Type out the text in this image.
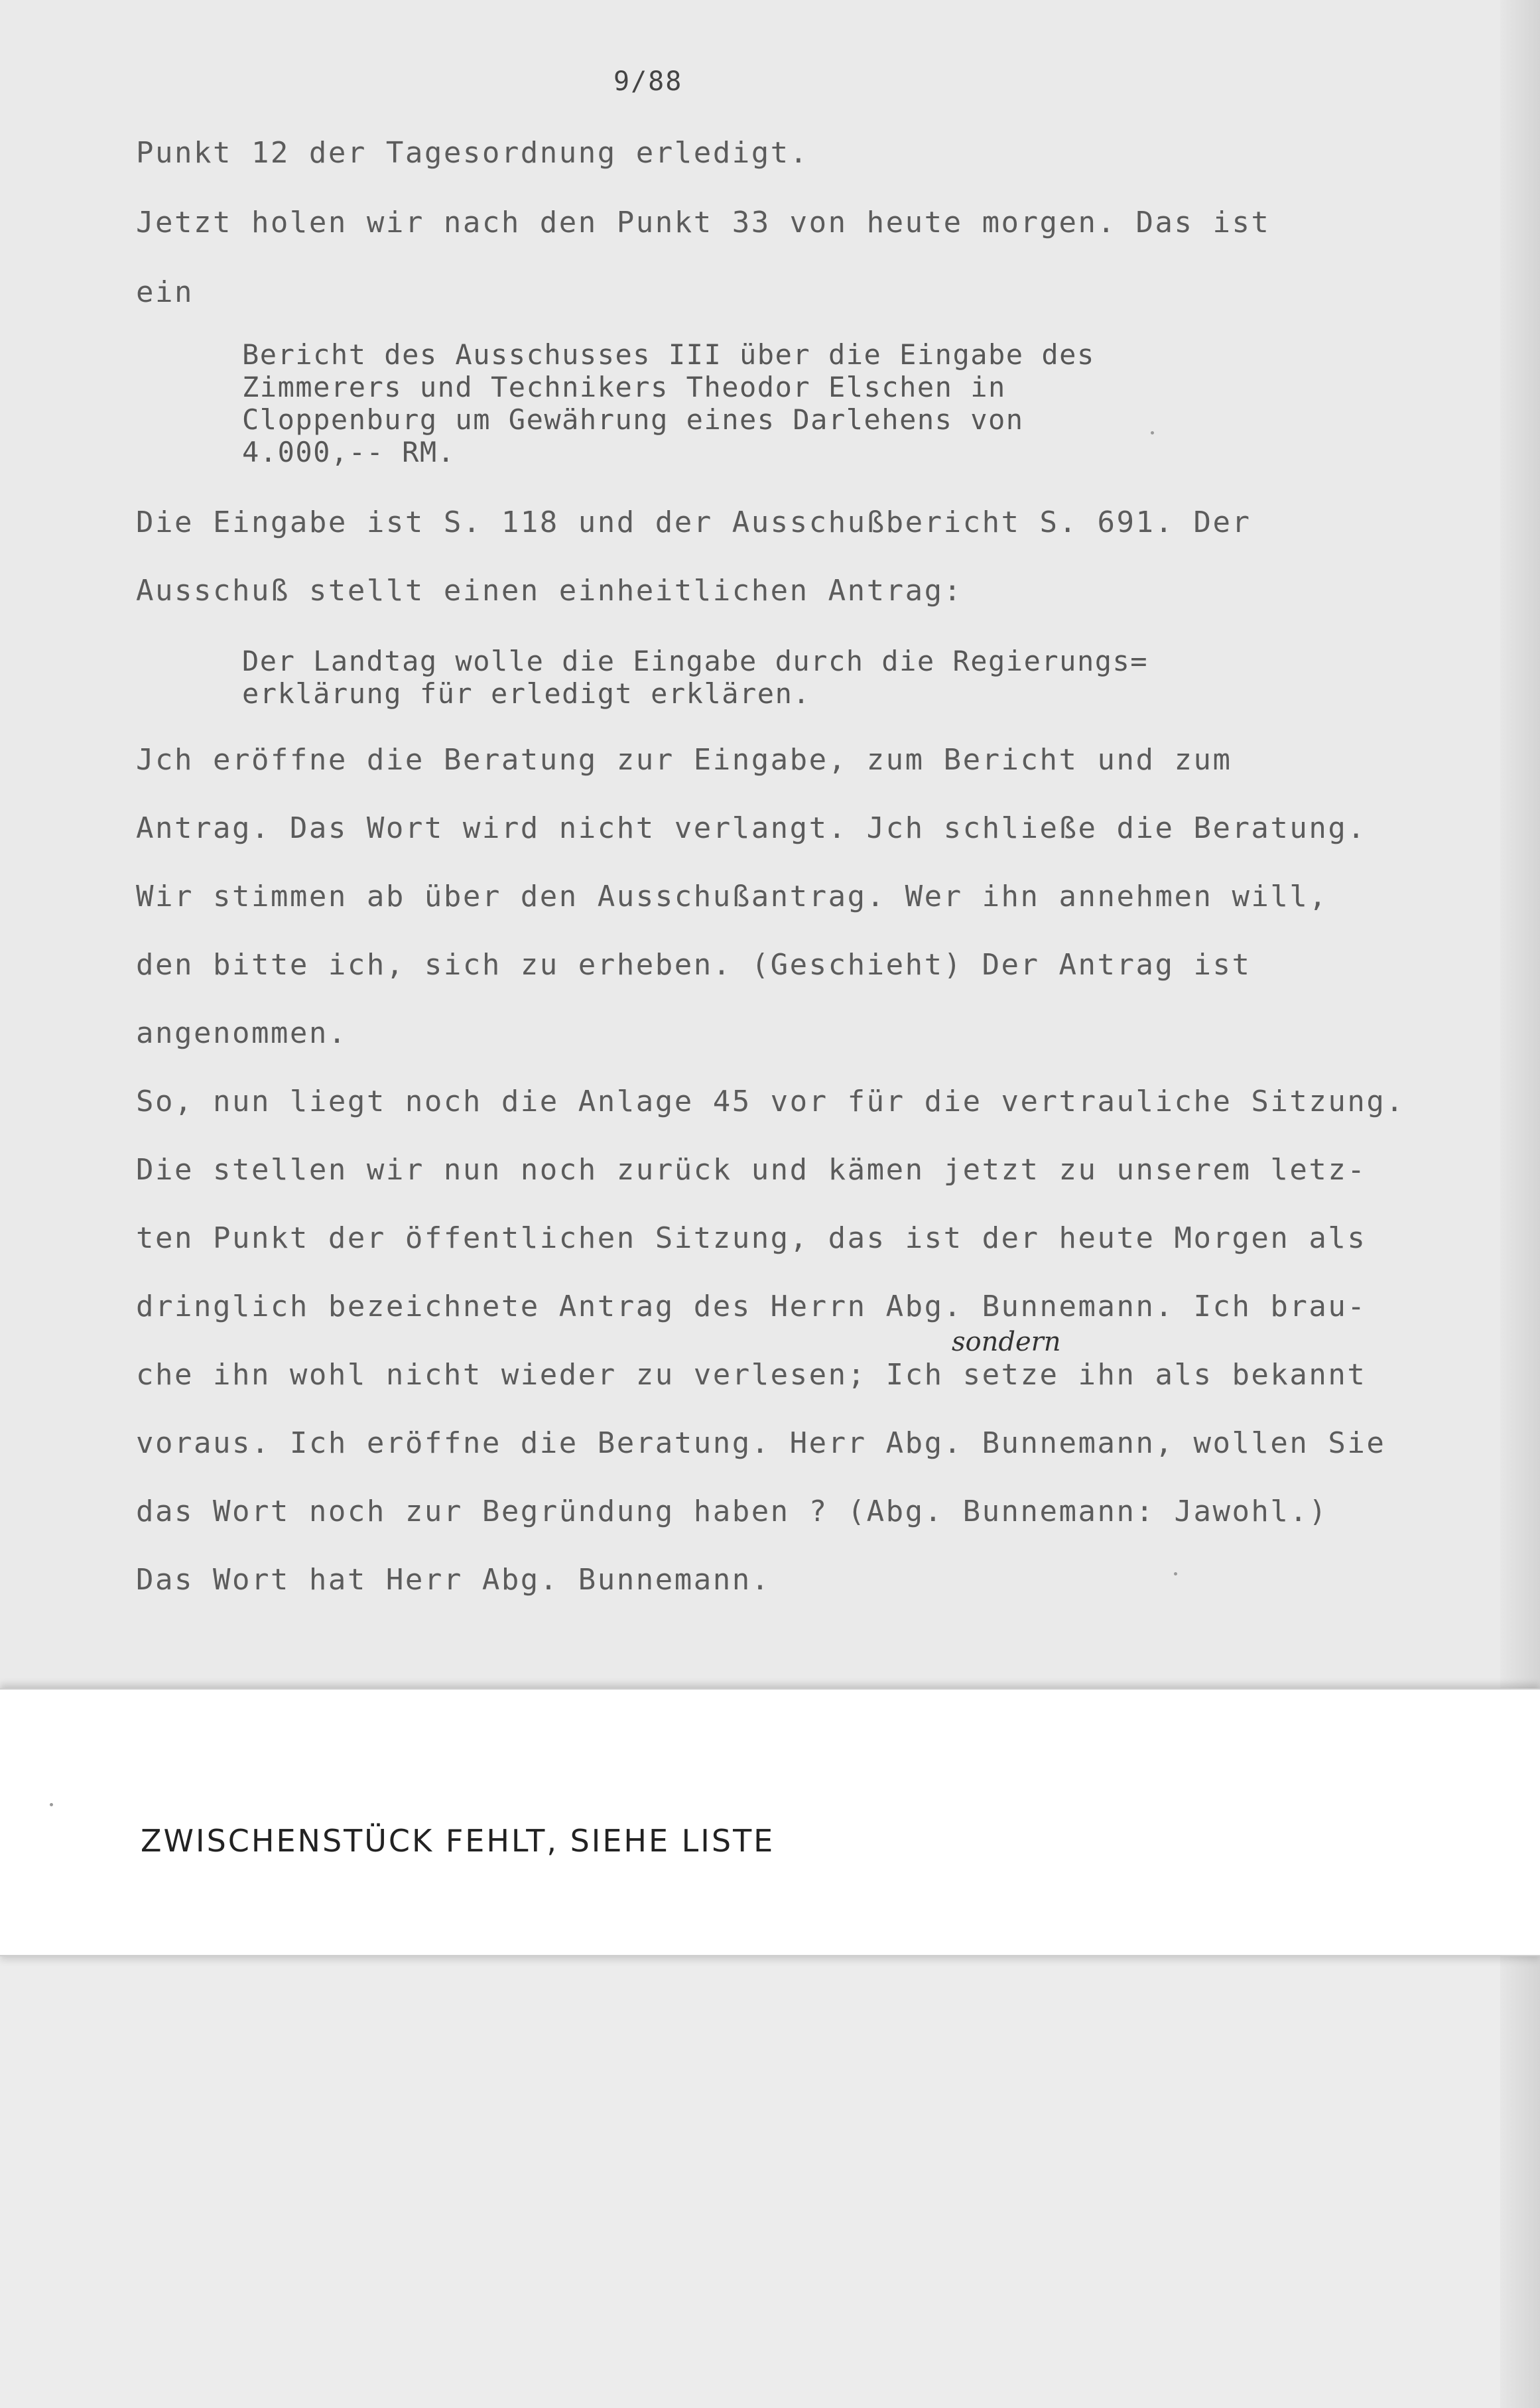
9/88
Punkt 12 der Tagesordnung erledigt.
Jetzt holen wir nach den Punkt 33 von heute morgen. Das ist
ein
Bericht des Ausschusses III über die Eingabe des
Zimmerers und Technikers Theodor Elschen in
Cloppenburg um Gewährung eines Darlehens von
4.000,-- RM.
Die Eingabe ist S. 118 und der Ausschußbericht S. 691. Der
Ausschuß stellt einen einheitlichen Antrag:
Der Landtag wolle die Eingabe durch die Regierungs=
erklärung für erledigt erklären.
Jch eröffne die Beratung zur Eingabe, zum Bericht und zum
Antrag. Das Wort wird nicht verlangt. Jch schließe die Beratung.
Wir stimmen ab über den Ausschußantrag. Wer ihn annehmen will,
den bitte ich, sich zu erheben. (Geschieht) Der Antrag ist
angenommen.
So, nun liegt noch die Anlage 45 vor für die vertrauliche Sitzung.
Die stellen wir nun noch zurück und kämen jetzt zu unserem letz-
ten Punkt der öffentlichen Sitzung, das ist der heute Morgen als
dringlich bezeichnete Antrag des Herrn Abg. Bunnemann. Ich brau-
che ihn wohl nicht wieder zu verlesen; Ich setze ihn als bekannt
voraus. Ich eröffne die Beratung. Herr Abg. Bunnemann, wollen Sie
das Wort noch zur Begründung haben ? (Abg. Bunnemann: Jawohl.)
Das Wort hat Herr Abg. Bunnemann.
sondern
ZWISCHENSTÜCK FEHLT, SIEHE LISTE
